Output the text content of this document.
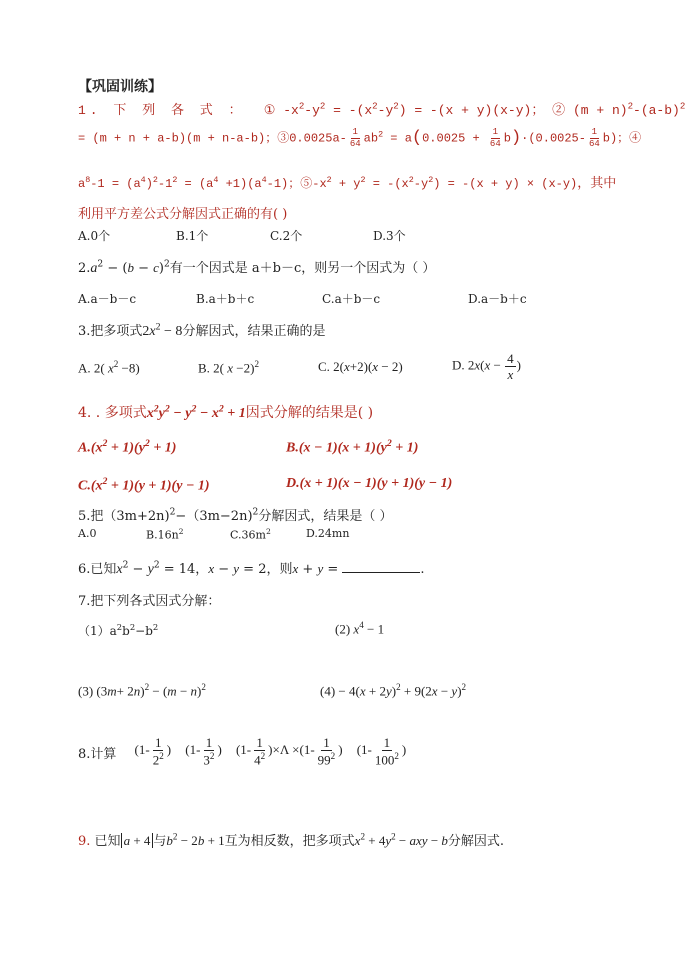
【巩固训练】
1. 下 列 各 式 ： ① $-x^2-y^2 = -(x^2-y^2) = -(x + y)(x-y)$； ② $(m + n)^2-(a-b)^2$
= (m + n + a-b)(m + n-a-b)；③0.0025a- $\frac{1}{64} ab^2 = a(0.0025 + \frac{1}{64} b)\cdot(0.0025- \frac{1}{64} b)$；④
$a^8-1 = (a^4)^2-1^2 = (a^4 +1)(a^4-1)$；$⑤-x^2 + y^2 = -(x^2-y^2) = -(x + y) \times (x-y)$，其中
利用平方差公式分解因式正确的有( )
A.0个	B.1个	C.2个	D.3个
$2.a^2 - (b - c)^2$有一个因式是 a＋b－c，则另一个因式为（ ）
A.a－b－c	B.a＋b＋c	C.a＋b－c	D.a－b＋c
3.把多项式$2x^2 - 8$分解因式，结果正确的是
A. 2( $x^2 -8$)	B. 2( x −2)$^2$	C. 2(x+2)(x − 2)	D. $2x(x - \frac{4}{x}$ )
4. . 多项式$x^2y^2 - y^2 - x^2 + 1$因式分解的结果是( )
$A.(x^2 + 1)(y^2 + 1)$	$B.(x - 1)(x + 1)(y^2 + 1)$
$C.(x^2 + 1)(y + 1)(y - 1)$	D.(x + 1)(x − 1)(y + 1)(y − 1)
5.把（3m+2n)$^2$−（3m−2n)$^2$分解因式，结果是（ ）
A.0	$B.16n^2$	$C.36m^2$	D.24mn
6.已知$x^2 - y^2 = 14$，x − y = 2，则x + y =	.
7.把下列各式因式分解：
$(1)a^2b^2-b^2$	(2) $x^4 - 1$
(3) $(3m+ 2n)^2 - (m - n)^2$	$(4) - 4(x + 2y)^2 + 9(2x - y)^2$
8.计算 ($1- \frac{1}{2^2}$ ) ($1- \frac{1}{3^2}$ ) $(1- \frac{1}{4^2} )\times\Lambda \times(1- \frac{1}{99^2}$ ) ($1- \frac{1}{100^2}$ )
9. 已知 a + 4 与$b^2 - 2b + 1$互为相反数，把多项式$x^2 + 4y^2$ − axy − b分解因式.
